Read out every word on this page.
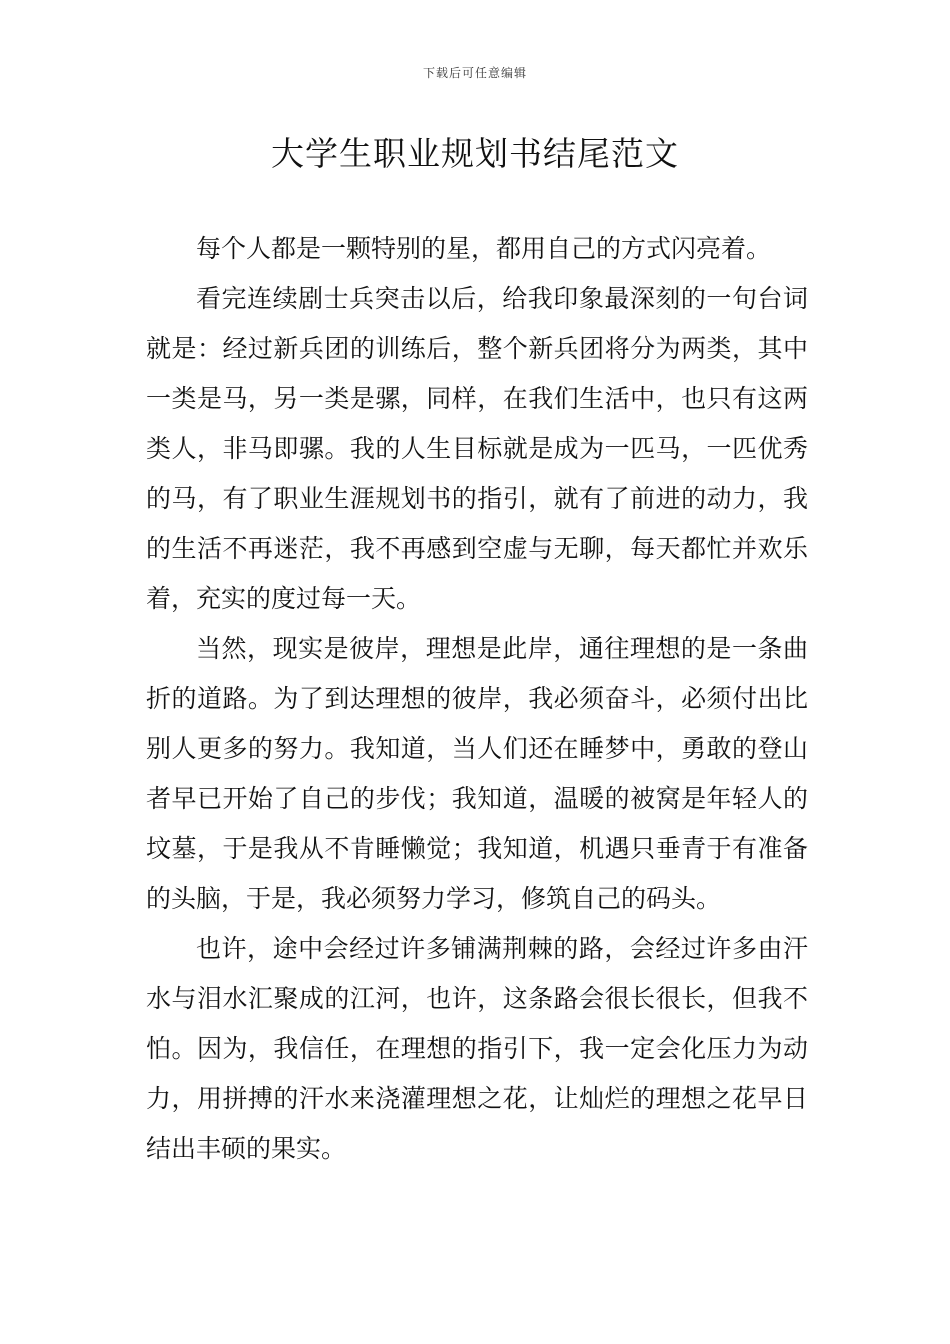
下载后可任意编辑
大学生职业规划书结尾范文

每个人都是一颗特别的星，都用自己的方式闪亮着。

看完连续剧士兵突击以后，给我印象最深刻的一句台词就是：经过新兵团的训练后，整个新兵团将分为两类，其中一类是马，另一类是骡，同样，在我们生活中，也只有这两类人，非马即骡。我的人生目标就是成为一匹马，一匹优秀的马，有了职业生涯规划书的指引，就有了前进的动力，我的生活不再迷茫，我不再感到空虚与无聊，每天都忙并欢乐着，充实的度过每一天。

当然，现实是彼岸，理想是此岸，通往理想的是一条曲折的道路。为了到达理想的彼岸，我必须奋斗，必须付出比别人更多的努力。我知道，当人们还在睡梦中，勇敢的登山者早已开始了自己的步伐；我知道，温暖的被窝是年轻人的坟墓，于是我从不肯睡懒觉；我知道，机遇只垂青于有准备的头脑，于是，我必须努力学习，修筑自己的码头。

也许，途中会经过许多铺满荆棘的路，会经过许多由汗水与泪水汇聚成的江河，也许，这条路会很长很长，但我不怕。因为，我信任，在理想的指引下，我一定会化压力为动力，用拼搏的汗水来浇灌理想之花，让灿烂的理想之花早日结出丰硕的果实。
